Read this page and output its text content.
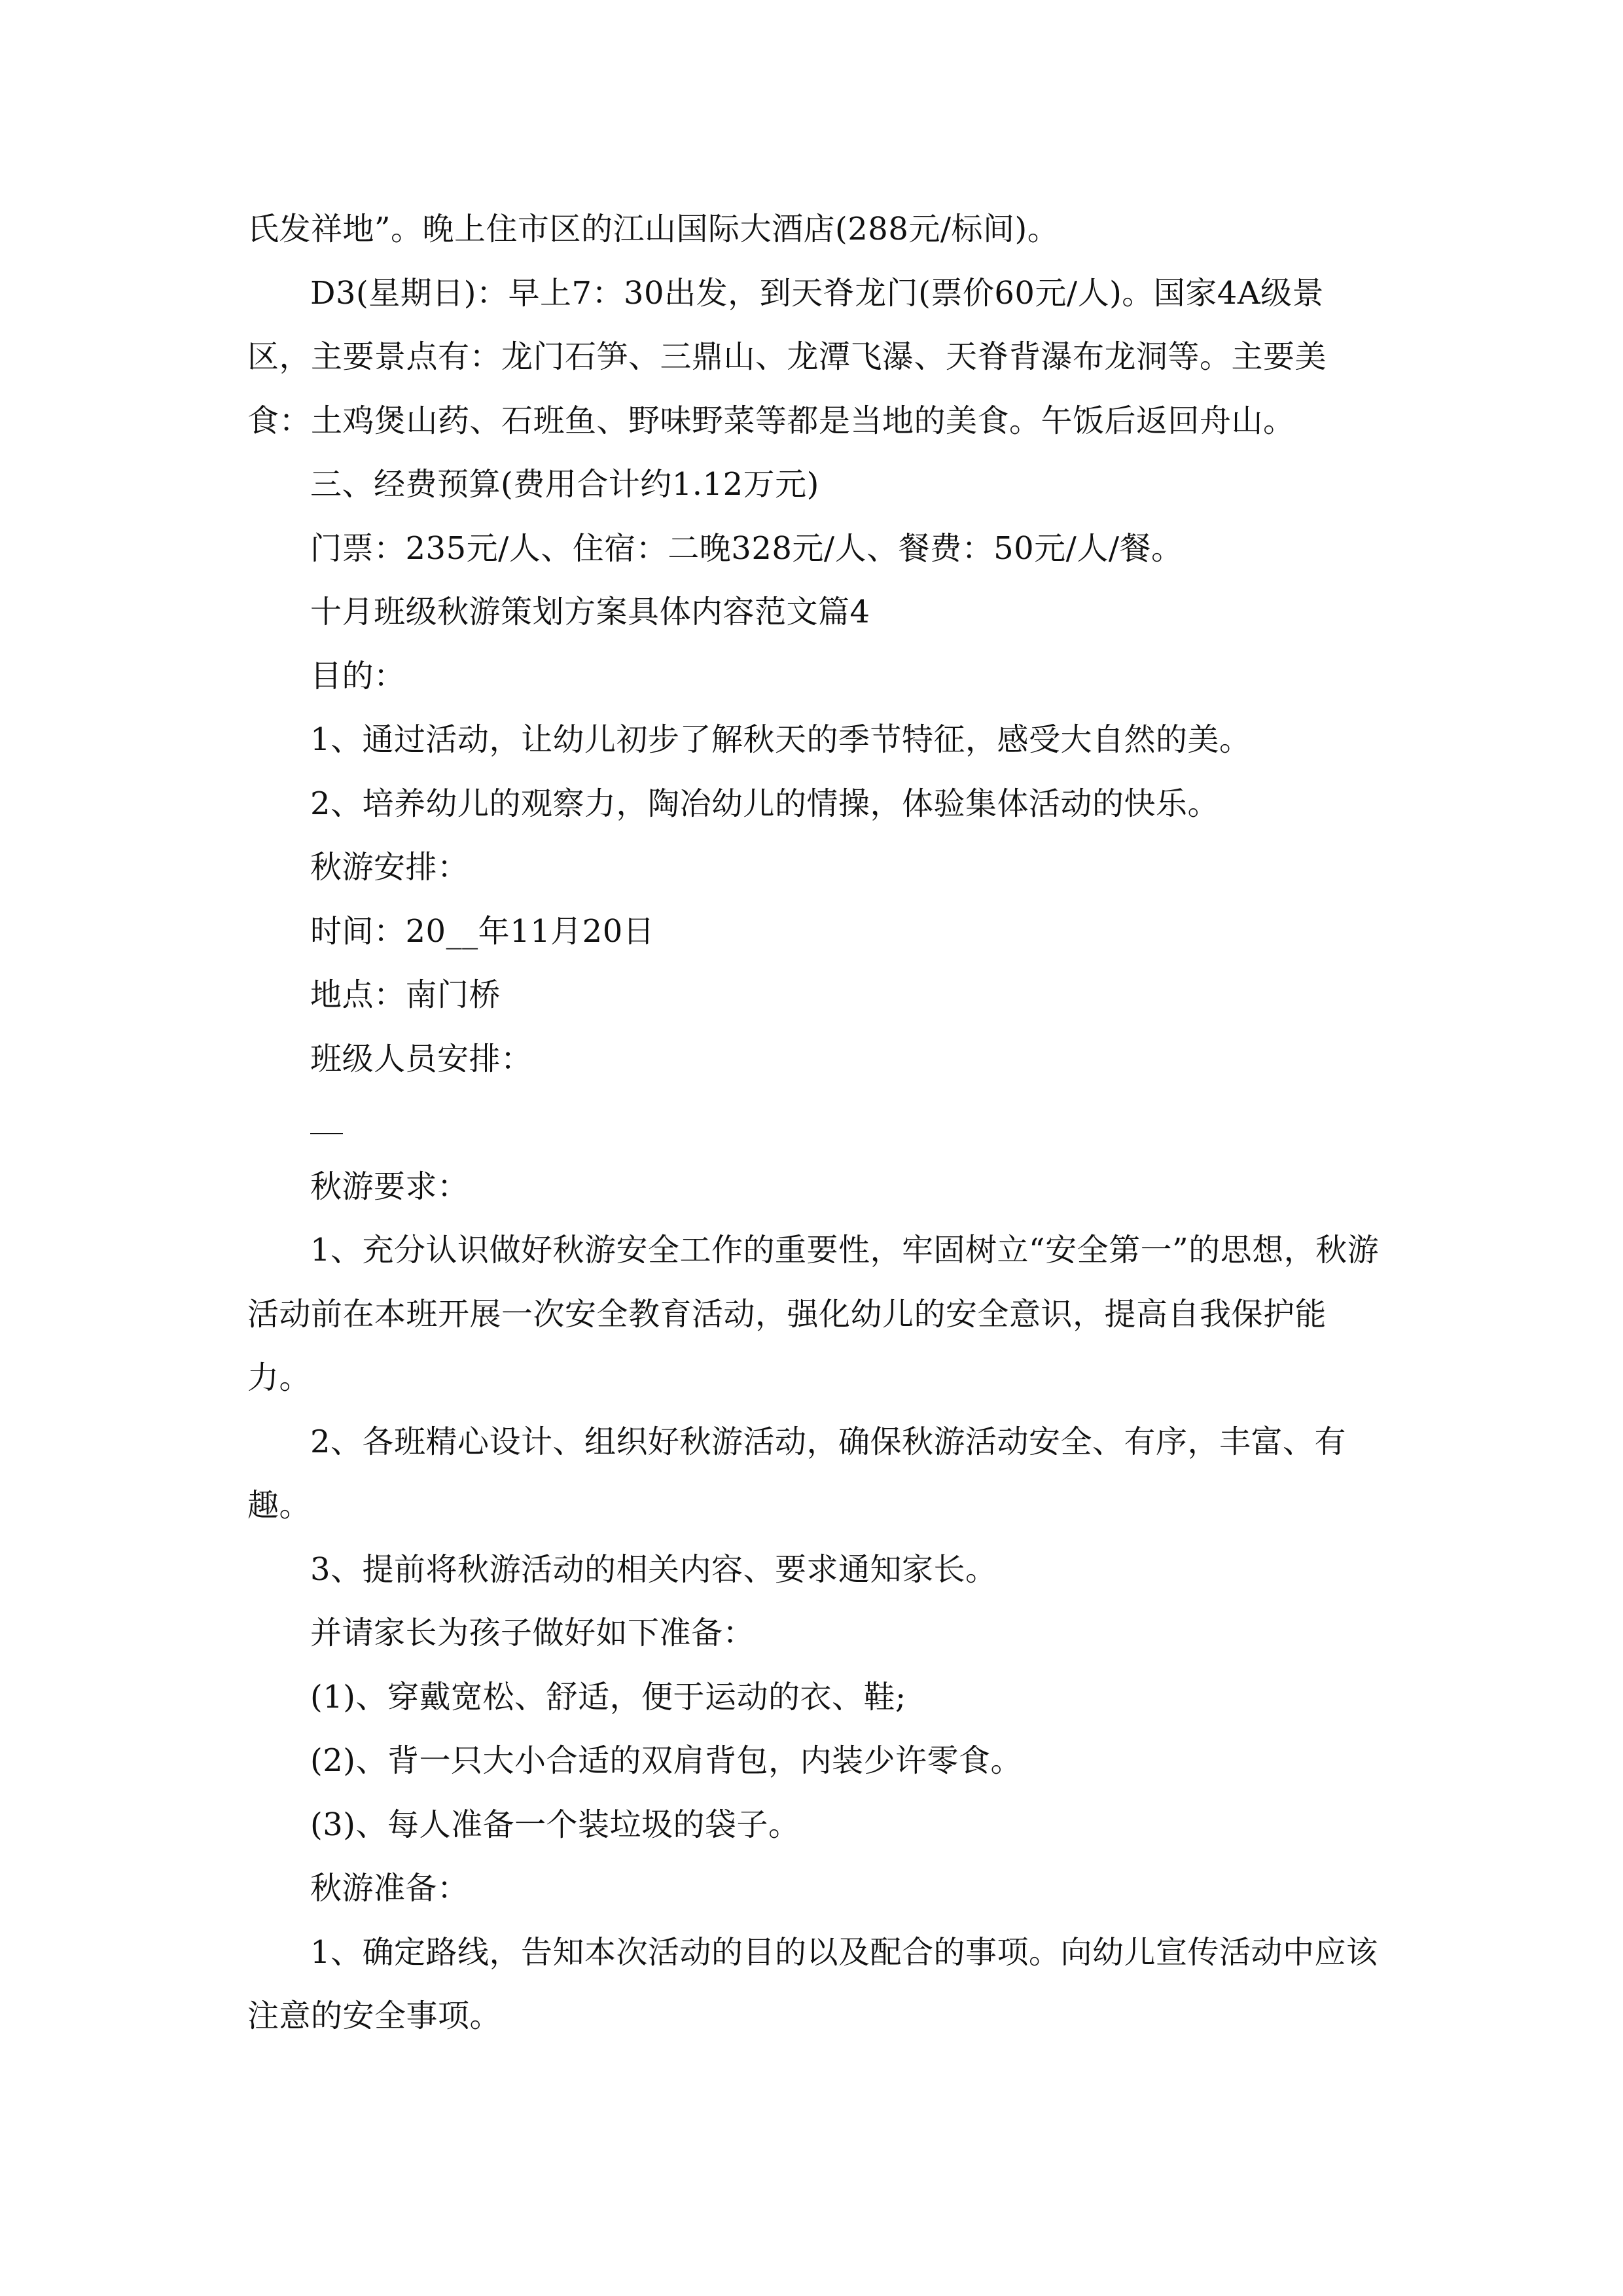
氏发祥地”。晚上住市区的江山国际大酒店(288元/标间)。

D3(星期日)：早上7：30出发，到天脊龙门(票价60元/人)。国家4A级景区，主要景点有：龙门石笋、三鼎山、龙潭飞瀑、天脊背瀑布龙洞等。主要美食：土鸡煲山药、石班鱼、野味野菜等都是当地的美食。午饭后返回舟山。

三、经费预算(费用合计约1.12万元)

门票：235元/人、住宿：二晚328元/人、餐费：50元/人/餐。

十月班级秋游策划方案具体内容范文篇4

目的：

1、通过活动，让幼儿初步了解秋天的季节特征，感受大自然的美。

2、培养幼儿的观察力，陶冶幼儿的情操，体验集体活动的快乐。

秋游安排：

时间：20__年11月20日

地点：南门桥

班级人员安排：

秋游要求：

1、充分认识做好秋游安全工作的重要性，牢固树立“安全第一”的思想，秋游活动前在本班开展一次安全教育活动，强化幼儿的安全意识，提高自我保护能力。

2、各班精心设计、组织好秋游活动，确保秋游活动安全、有序，丰富、有趣。

3、提前将秋游活动的相关内容、要求通知家长。

并请家长为孩子做好如下准备：

(1)、穿戴宽松、舒适，便于运动的衣、鞋;

(2)、背一只大小合适的双肩背包，内装少许零食。

(3)、每人准备一个装垃圾的袋子。

秋游准备：

1、确定路线，告知本次活动的目的以及配合的事项。向幼儿宣传活动中应该注意的安全事项。
